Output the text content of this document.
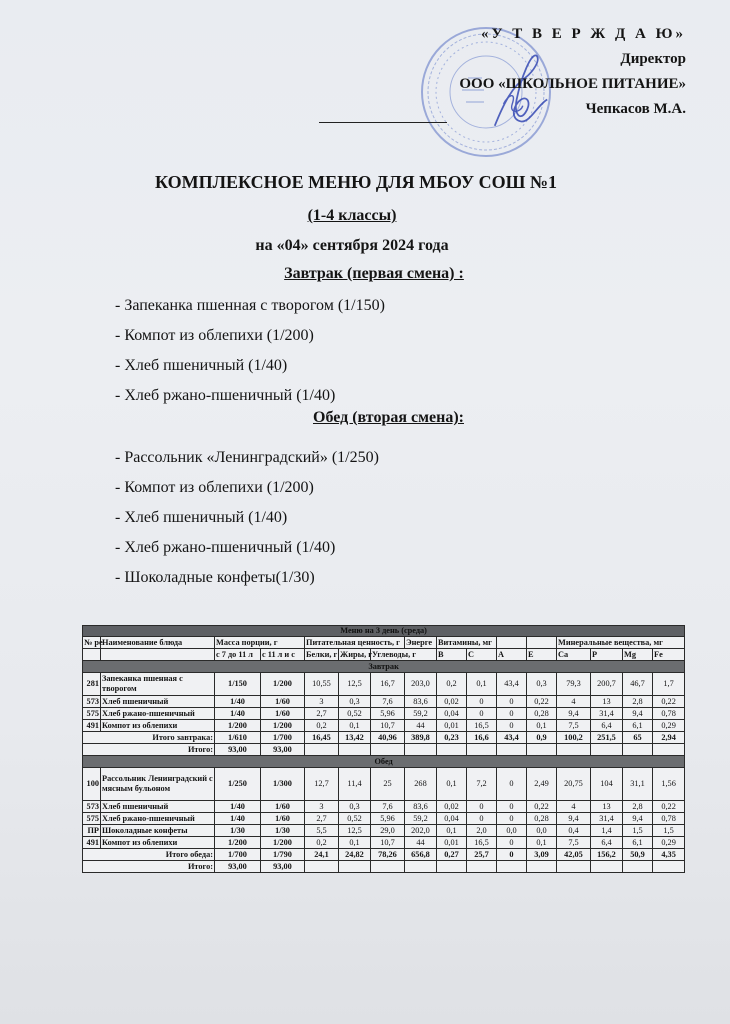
«У Т В Е Р Ж Д А Ю»
Директор
ООО «ШКОЛЬНОЕ ПИТАНИЕ»
Чепкасов М.А.
КОМПЛЕКСНОЕ МЕНЮ ДЛЯ МБОУ СОШ №1
(1-4 классы)
на «04» сентября 2024 года
Завтрак (первая смена) :
- Запеканка пшенная с творогом (1/150)
- Компот из облепихи (1/200)
- Хлеб пшеничный (1/40)
- Хлеб ржано-пшеничный (1/40)
Обед (вторая смена):
- Рассольник «Ленинградский» (1/250)
- Компот из облепихи (1/200)
- Хлеб пшеничный (1/40)
- Хлеб ржано-пшеничный (1/40)
- Шоколадные конфеты(1/30)
Меню на 3 день (среда)															
№ ре	Наименование блюда	Масса порции, г		Питательная ценность, г			Энерге	Витамины, мг				Минеральные вещества, мг			
		с 7 до 11 л	с 11 л и с	Белки, г	Жиры, г	Углеводы, г		В	С	А	Е	Са	Р	Mg	Fe
Завтрак															
281	Запеканка пшенная с творогом	1/150	1/200	10,55	12,5	16,7	203,0	0,2	0,1	43,4	0,3	79,3	200,7	46,7	1,7
573	Хлеб пшеничный	1/40	1/60	3	0,3	7,6	83,6	0,02	0	0	0,22	4	13	2,8	0,22
575	Хлеб ржано-пшеничный	1/40	1/60	2,7	0,52	5,96	59,2	0,04	0	0	0,28	9,4	31,4	9,4	0,78
491	Компот из облепихи	1/200	1/200	0,2	0,1	10,7	44	0,01	16,5	0	0,1	7,5	6,4	6,1	0,29
Итого завтрака:		1/610	1/700	16,45	13,42	40,96	389,8	0,23	16,6	43,4	0,9	100,2	251,5	65	2,94
Итого:		93,00	93,00												
Обед															
100	Рассольник Ленинградский с мясным бульоном	1/250	1/300	12,7	11,4	25	268	0,1	7,2	0	2,49	20,75	104	31,1	1,56
573	Хлеб пшеничный	1/40	1/60	3	0,3	7,6	83,6	0,02	0	0	0,22	4	13	2,8	0,22
575	Хлеб ржано-пшеничный	1/40	1/60	2,7	0,52	5,96	59,2	0,04	0	0	0,28	9,4	31,4	9,4	0,78
ПР	Шоколадные конфеты	1/30	1/30	5,5	12,5	29,0	202,0	0,1	2,0	0,0	0,0	0,4	1,4	1,5	1,5
491	Компот из облепихи	1/200	1/200	0,2	0,1	10,7	44	0,01	16,5	0	0,1	7,5	6,4	6,1	0,29
Итого обеда:		1/700	1/790	24,1	24,82	78,26	656,8	0,27	25,7	0	3,09	42,05	156,2	50,9	4,35
Итого:		93,00	93,00												
